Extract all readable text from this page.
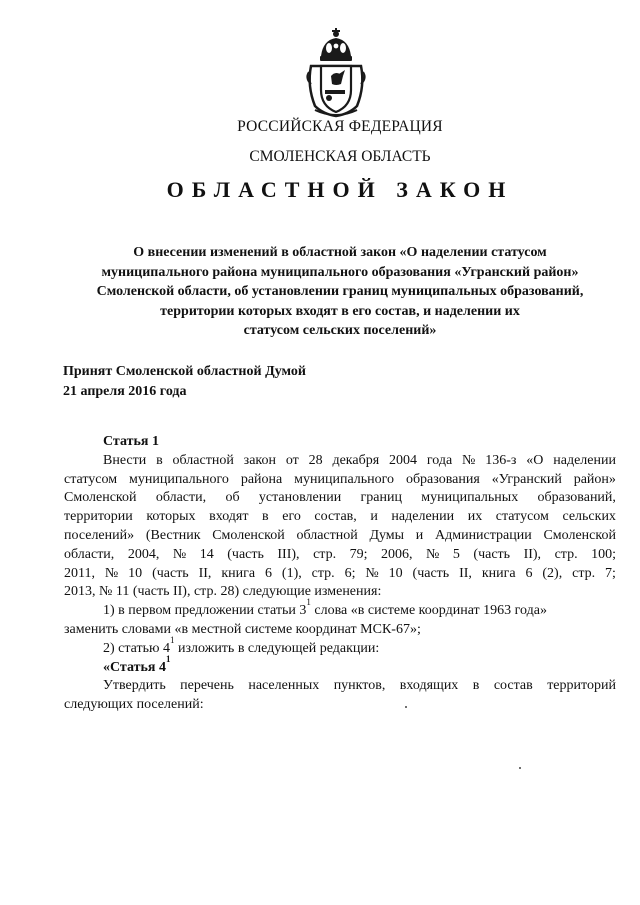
РОССИЙСКАЯ ФЕДЕРАЦИЯ
СМОЛЕНСКАЯ ОБЛАСТЬ
ОБЛАСТНОЙ ЗАКОН
О внесении изменений в областной закон «О наделении статусом
муниципального района муниципального образования «Угранский район»
Смоленской области, об установлении границ муниципальных образований,
территории которых входят в его состав, и наделении их
статусом сельских поселений»
Принят Смоленской областной Думой
21 апреля 2016 года
Статья 1
Внести в областной закон от 28 декабря 2004 года № 136-з «О наделении
статусом муниципального района муниципального образования «Угранский район»
Смоленской области, об установлении границ муниципальных образований,
территории которых входят в его состав, и наделении их статусом сельских
поселений» (Вестник Смоленской областной Думы и Администрации Смоленской
области, 2004, № 14 (часть III), стр. 79; 2006, № 5 (часть II), стр. 100;
2011, № 10 (часть II, книга 6 (1), стр. 6; № 10 (часть II, книга 6 (2), стр. 7;
2013, № 11 (часть II), стр. 28) следующие изменения:
1) в первом предложении статьи 3
1
слова «в системе координат 1963 года»
заменить словами «в местной системе координат МСК-67»;
2) статью 4
1
изложить в следующей редакции:
«Статья 4
1
Утвердить перечень населенных пунктов, входящих в состав территорий
следующих поселений:
